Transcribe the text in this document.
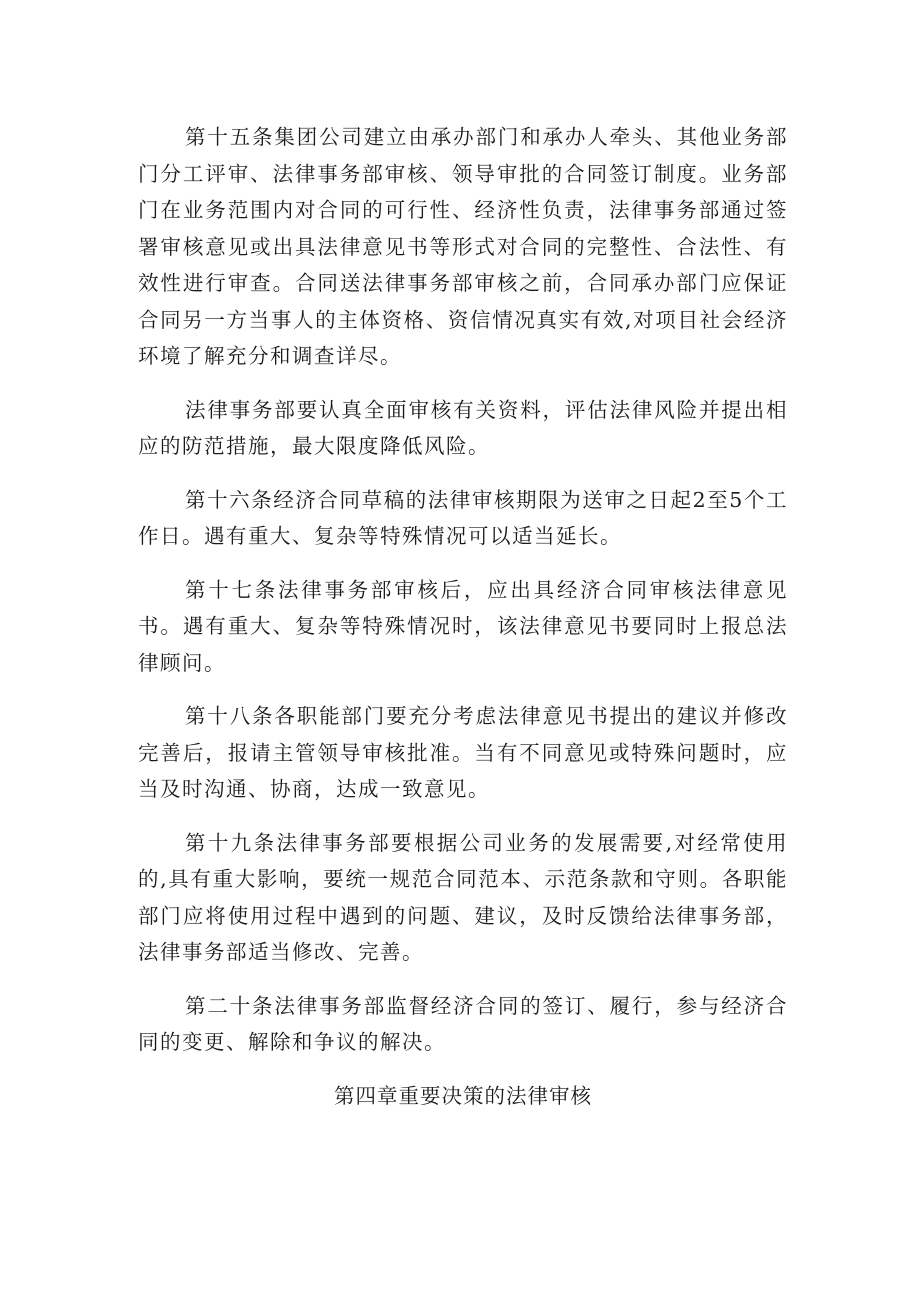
第十五条集团公司建立由承办部门和承办人牵头、其他业务部门分工评审、法律事务部审核、领导审批的合同签订制度。业务部门在业务范围内对合同的可行性、经济性负责，法律事务部通过签署审核意见或出具法律意见书等形式对合同的完整性、合法性、有效性进行审查。合同送法律事务部审核之前，合同承办部门应保证合同另一方当事人的主体资格、资信情况真实有效,对项目社会经济环境了解充分和调查详尽。

法律事务部要认真全面审核有关资料，评估法律风险并提出相应的防范措施，最大限度降低风险。

第十六条经济合同草稿的法律审核期限为送审之日起2至5个工作日。遇有重大、复杂等特殊情况可以适当延长。

第十七条法律事务部审核后，应出具经济合同审核法律意见书。遇有重大、复杂等特殊情况时，该法律意见书要同时上报总法律顾问。

第十八条各职能部门要充分考虑法律意见书提出的建议并修改完善后，报请主管领导审核批准。当有不同意见或特殊问题时，应当及时沟通、协商，达成一致意见。

第十九条法律事务部要根据公司业务的发展需要,对经常使用的,具有重大影响，要统一规范合同范本、示范条款和守则。各职能部门应将使用过程中遇到的问题、建议，及时反馈给法律事务部，法律事务部适当修改、完善。

第二十条法律事务部监督经济合同的签订、履行，参与经济合同的变更、解除和争议的解决。

第四章重要决策的法律审核
